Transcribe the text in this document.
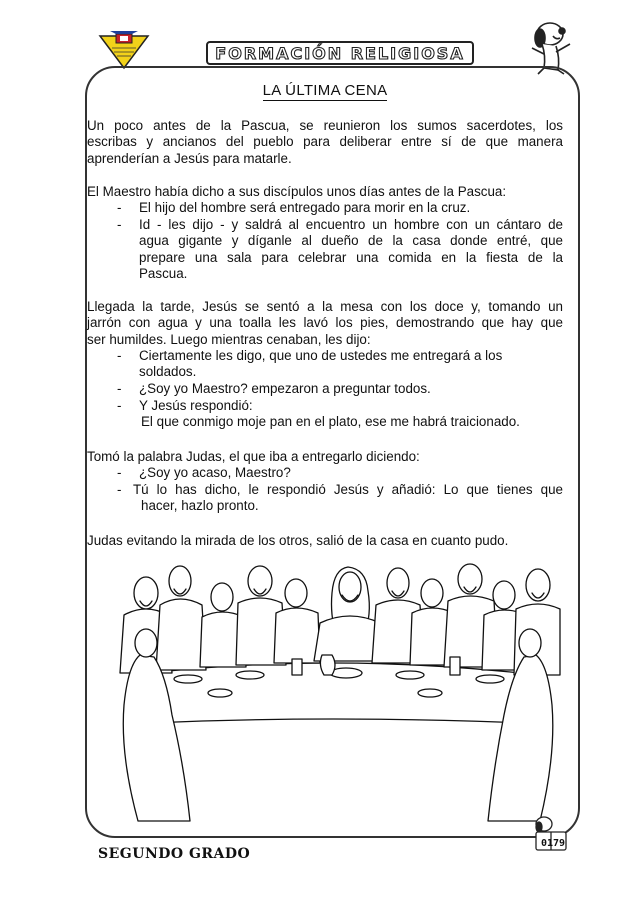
FORMACIÓN RELIGIOSA
LA ÚLTIMA CENA
Un poco antes de la Pascua, se reunieron los sumos sacerdotes, los
escribas y ancianos del pueblo para deliberar entre sí de que manera
aprenderían a Jesús para matarle.
El Maestro había dicho a sus discípulos unos días antes de la Pascua:
- El hijo del hombre será entregado para morir en la cruz.
- Id - les dijo - y saldrá al encuentro un hombre con un cántaro de
agua gigante y díganle al dueño de la casa donde entré, que
prepare una sala para celebrar una comida en la fiesta de la
Pascua.
Llegada la tarde, Jesús se sentó a la mesa con los doce y, tomando un
jarrón con agua y una toalla les lavó los pies, demostrando que hay que
ser humildes. Luego mientras cenaban, les dijo:
- Ciertamente les digo, que uno de ustedes me entregará a los
soldados.
- ¿Soy yo Maestro? empezaron a preguntar todos.
- Y Jesús respondió:
El que conmigo moje pan en el plato, ese me habrá traicionado.
Tomó la palabra Judas, el que iba a entregarlo diciendo:
- ¿Soy yo acaso, Maestro?
- Tú lo has dicho, le respondió Jesús y añadió: Lo que tienes que
hacer, hazlo pronto.
Judas evitando la mirada de los otros, salió de la casa en cuanto pudo.
SEGUNDO GRADO
0179
